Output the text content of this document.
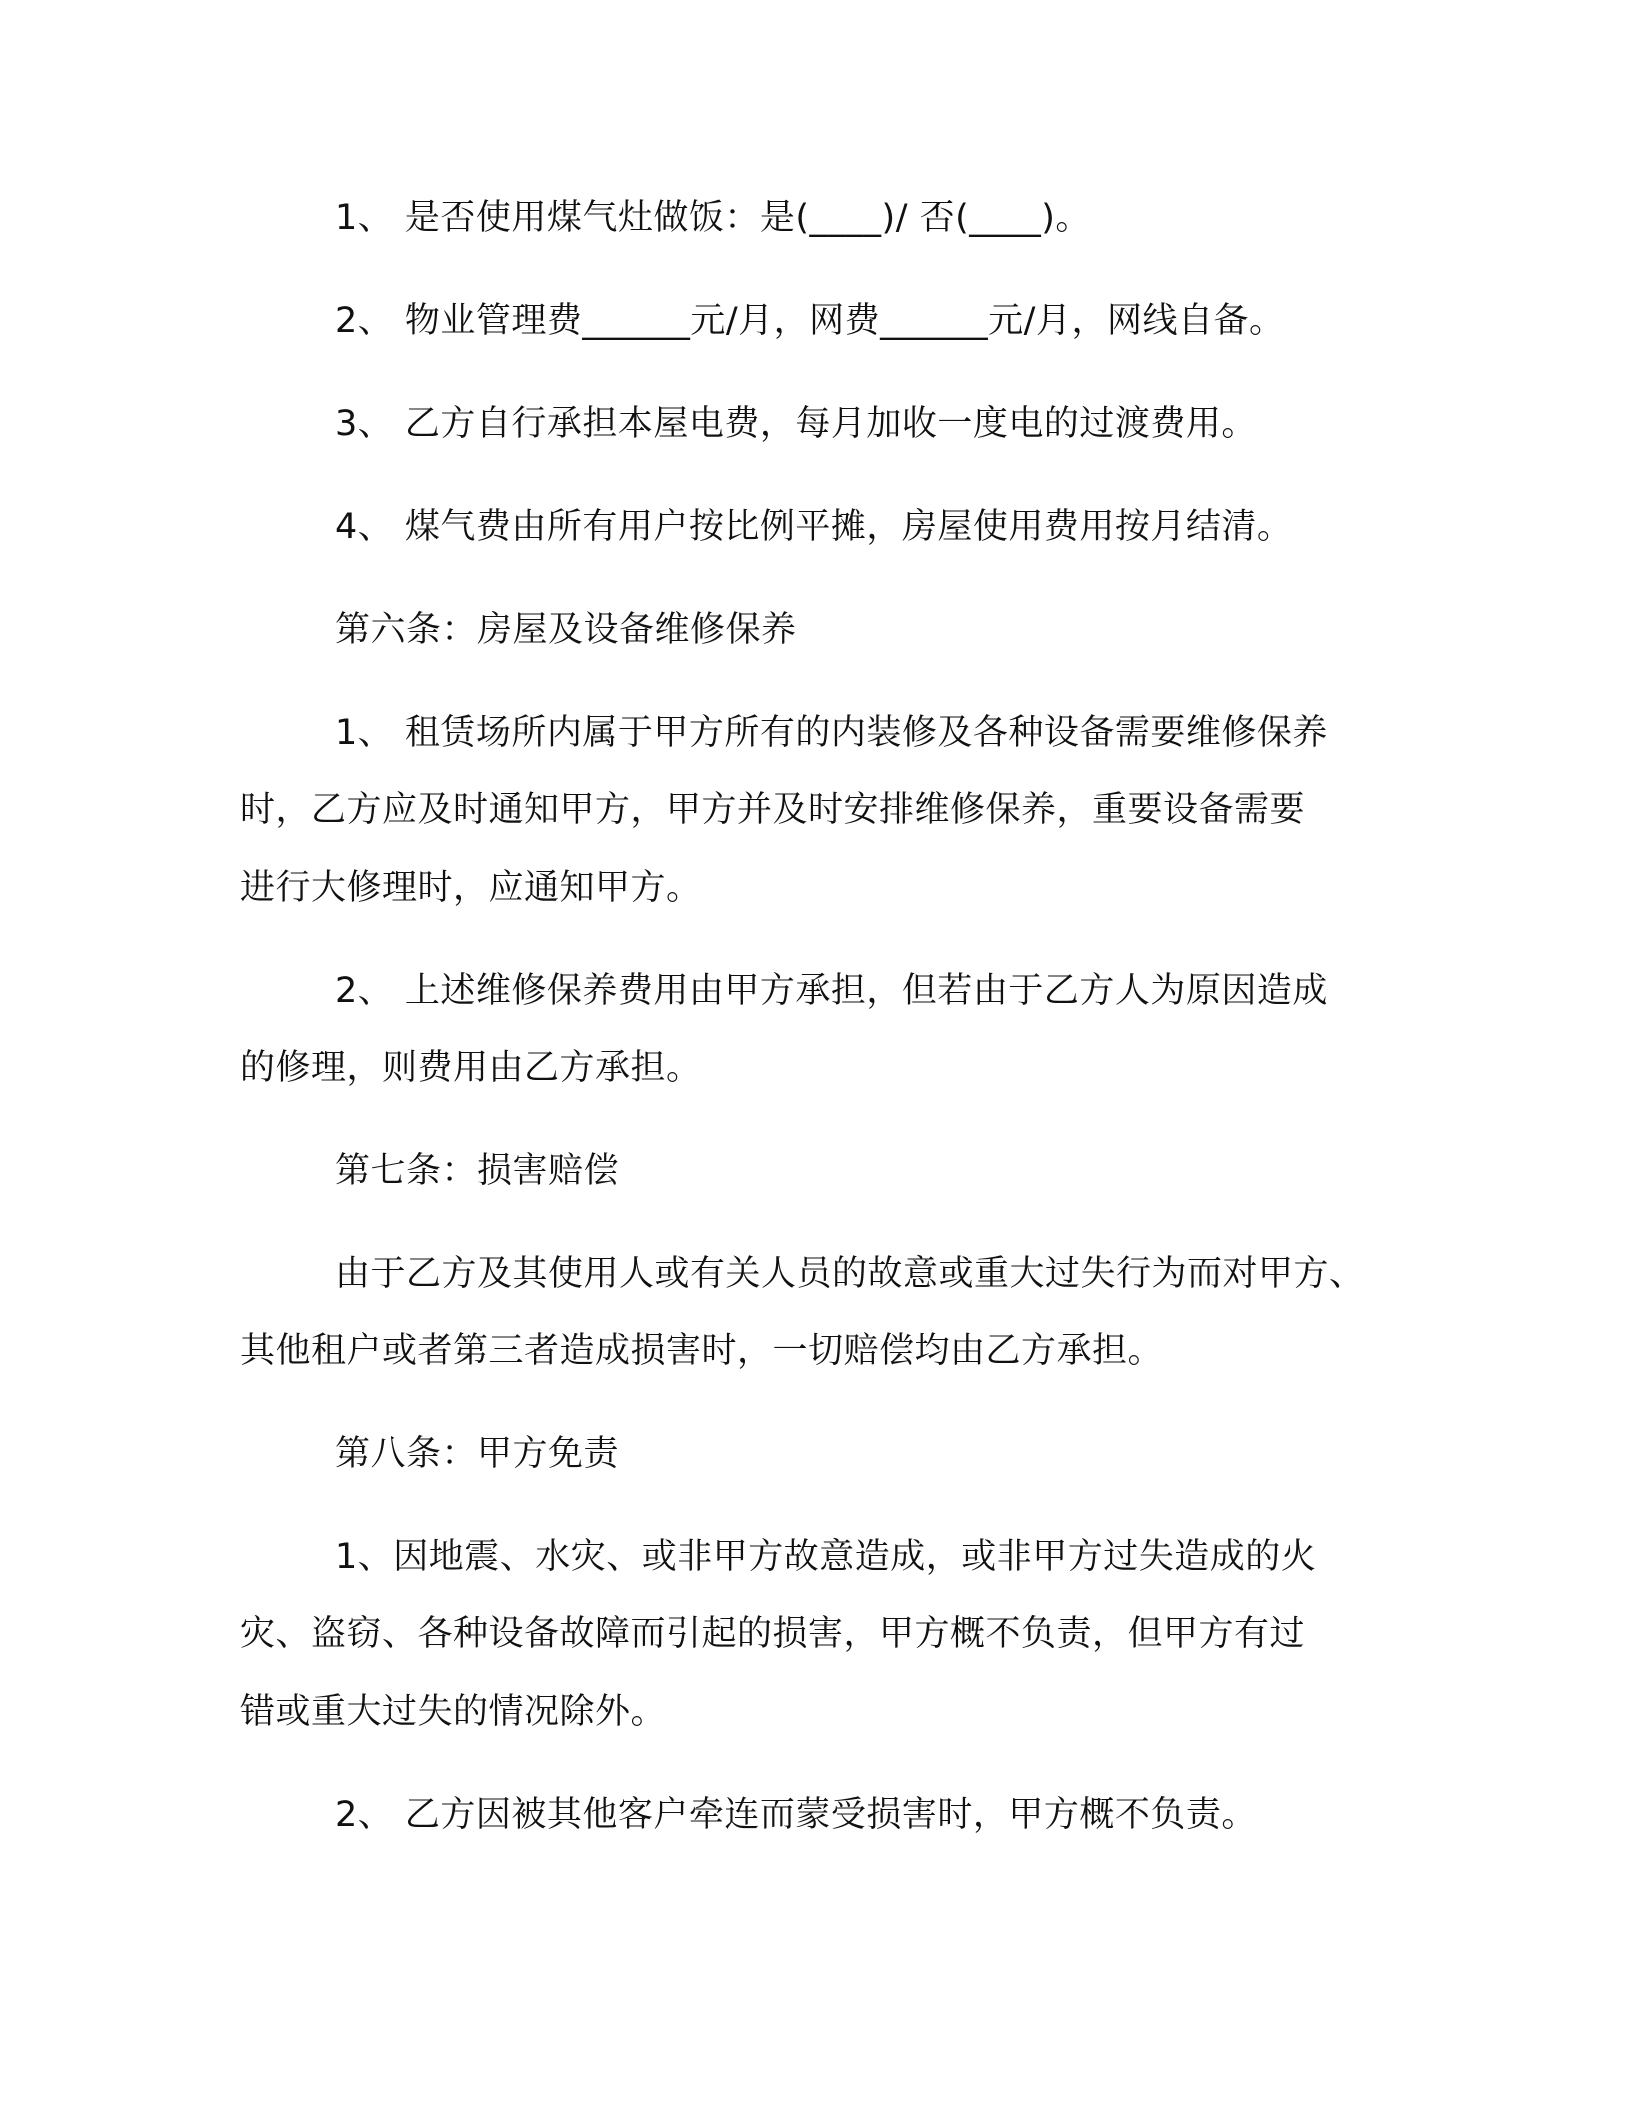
1、 是否使用煤气灶做饭：是(____)/ 否(____)。

2、 物业管理费______元/月，网费______元/月，网线自备。

3、 乙方自行承担本屋电费，每月加收一度电的过渡费用。

4、 煤气费由所有用户按比例平摊，房屋使用费用按月结清。

第六条：房屋及设备维修保养

1、 租赁场所内属于甲方所有的内装修及各种设备需要维修保养

时，乙方应及时通知甲方，甲方并及时安排维修保养，重要设备需要

进行大修理时，应通知甲方。

2、 上述维修保养费用由甲方承担，但若由于乙方人为原因造成

的修理，则费用由乙方承担。

第七条：损害赔偿

由于乙方及其使用人或有关人员的故意或重大过失行为而对甲方、

其他租户或者第三者造成损害时，一切赔偿均由乙方承担。

第八条：甲方免责

1、因地震、水灾、或非甲方故意造成，或非甲方过失造成的火

灾、盗窃、各种设备故障而引起的损害，甲方概不负责，但甲方有过

错或重大过失的情况除外。

2、 乙方因被其他客户牵连而蒙受损害时，甲方概不负责。
